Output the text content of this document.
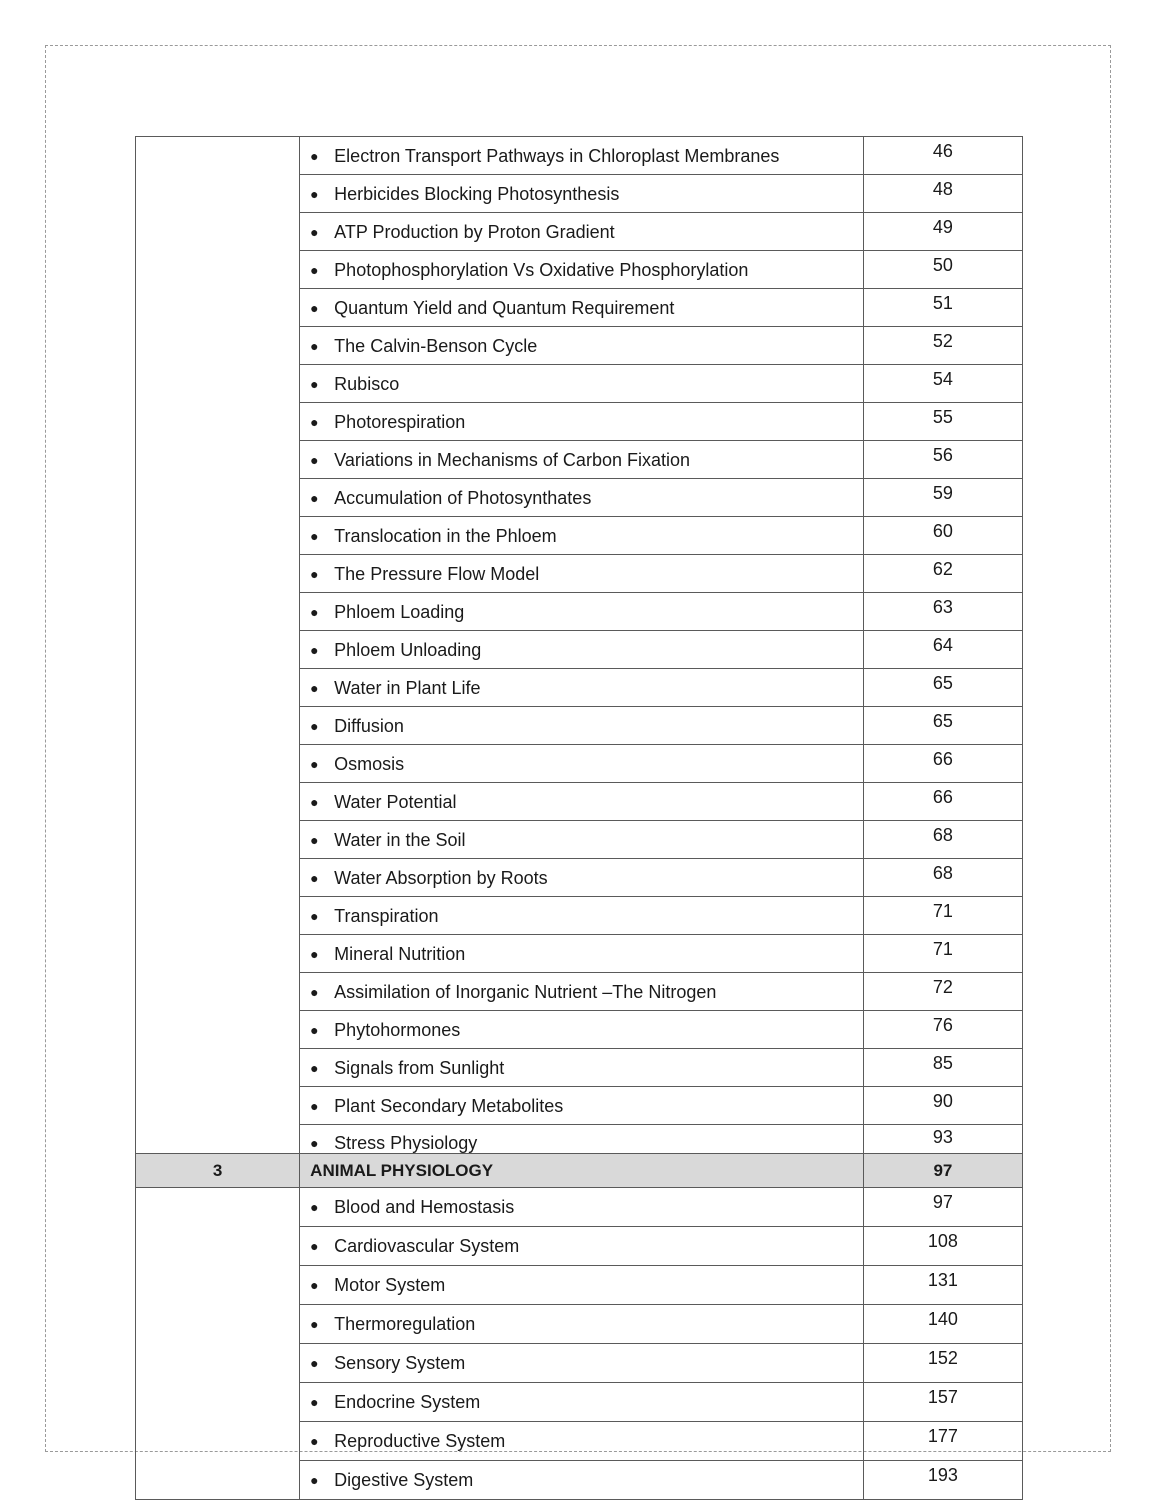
	● Electron Transport Pathways in Chloroplast Membranes	46
	● Herbicides Blocking Photosynthesis	48
	● ATP Production by Proton Gradient	49
	● Photophosphorylation Vs Oxidative Phosphorylation	50
	● Quantum Yield and Quantum Requirement	51
	● The Calvin-Benson Cycle	52
	● Rubisco	54
	● Photorespiration	55
	● Variations in Mechanisms of Carbon Fixation	56
	● Accumulation of Photosynthates	59
	● Translocation in the Phloem	60
	● The Pressure Flow Model	62
	● Phloem Loading	63
	● Phloem Unloading	64
	● Water in Plant Life	65
	● Diffusion	65
	● Osmosis	66
	● Water Potential	66
	● Water in the Soil	68
	● Water Absorption by Roots	68
	● Transpiration	71
	● Mineral Nutrition	71
	● Assimilation of Inorganic Nutrient –The Nitrogen	72
	● Phytohormones	76
	● Signals from Sunlight	85
	● Plant Secondary Metabolites	90
	● Stress Physiology	93
3	ANIMAL PHYSIOLOGY	97
	● Blood and Hemostasis	97
	● Cardiovascular System	108
	● Motor System	131
	● Thermoregulation	140
	● Sensory System	152
	● Endocrine System	157
	● Reproductive System	177
	● Digestive System	193
